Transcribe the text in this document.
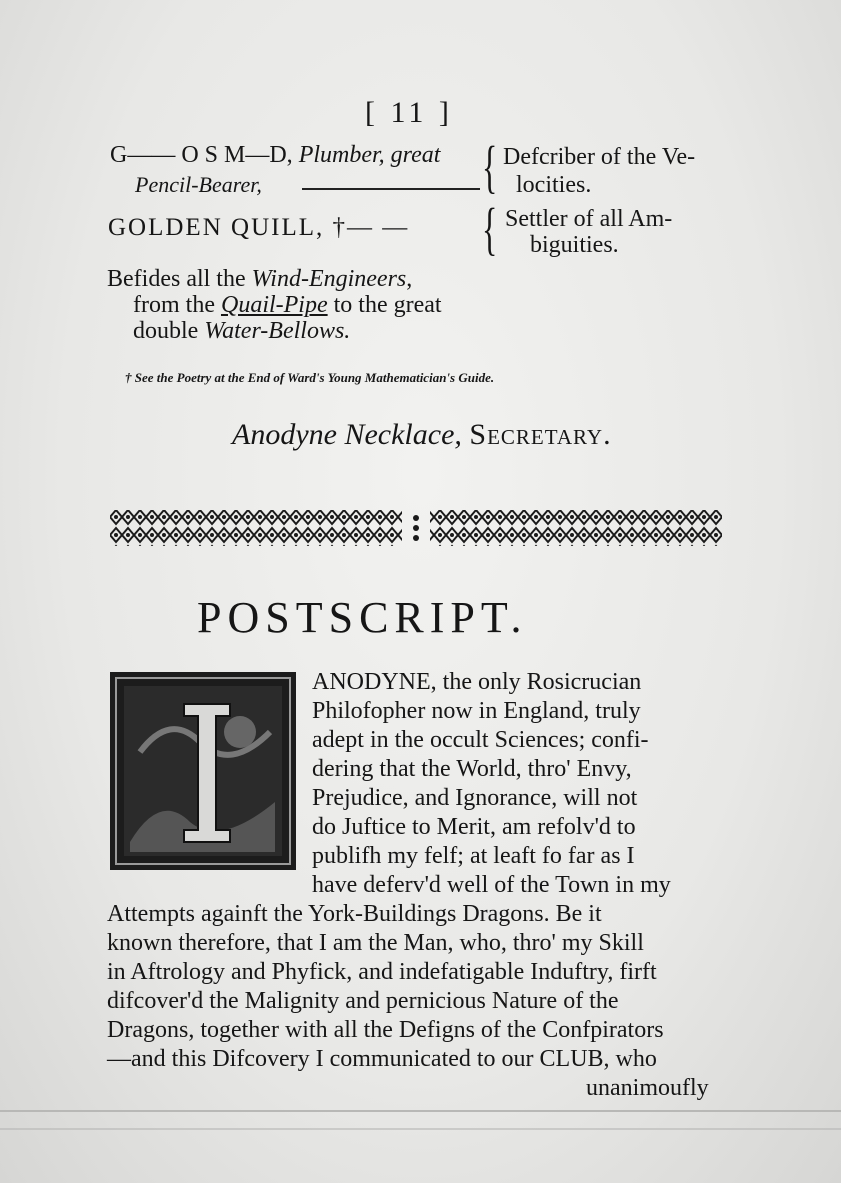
[ 11 ]
G—— O S M—D, Plumber, great
Pencil-Bearer,	{ Defcriber of the Ve-
locities.
GOLDEN QUILL, †— — { Settler of all Am-
biguities.
Befides all the Wind-Engineers,
from the Quail-Pipe to the great
double Water-Bellows.
† See the Poetry at the End of Ward's Young Mathematician's Guide.
Anodyne Necklace, Secretary.
POSTSCRIPT.
ANODYNE, the only Rosicrucian
Philofopher now in England, truly
adept in the occult Sciences; confi-
dering that the World, thro' Envy,
Prejudice, and Ignorance, will not
do Juftice to Merit, am refolv'd to
publifh my felf; at leaft fo far as I
have deferv'd well of the Town in my
Attempts againft the York-Buildings Dragons. Be it
known therefore, that I am the Man, who, thro' my Skill
in Aftrology and Phyfick, and indefatigable Induftry, firft
difcover'd the Malignity and pernicious Nature of the
Dragons, together with all the Defigns of the Confpirators
—and this Difcovery I communicated to our CLUB, who
unanimoufly
